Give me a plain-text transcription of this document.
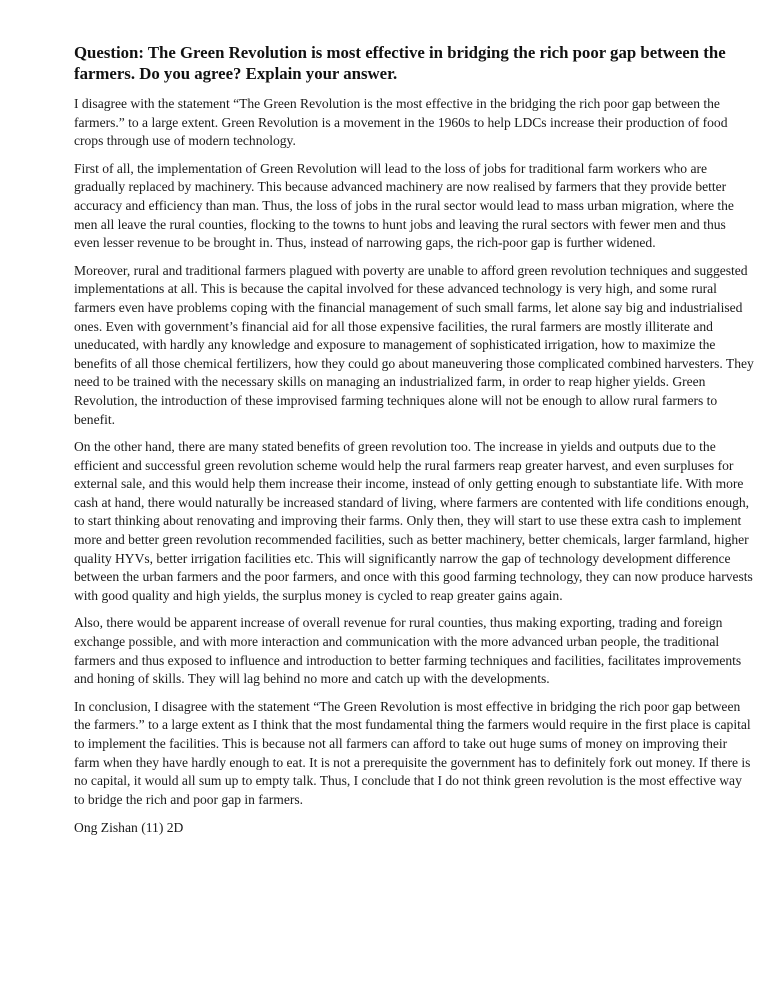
Question: The Green Revolution is most effective in bridging the rich poor gap between the farmers. Do you agree? Explain your answer.

I disagree with the statement “The Green Revolution is the most effective in the bridging the rich poor gap between the farmers.” to a large extent. Green Revolution is a movement in the 1960s to help LDCs increase their production of food crops through use of modern technology.

First of all, the implementation of Green Revolution will lead to the loss of jobs for traditional farm workers who are gradually replaced by machinery. This because advanced machinery are now realised by farmers that they provide better accuracy and efficiency than man. Thus, the loss of jobs in the rural sector would lead to mass urban migration, where the men all leave the rural counties, flocking to the towns to hunt jobs and leaving the rural sectors with fewer men and thus even lesser revenue to be brought in. Thus, instead of narrowing gaps, the rich-poor gap is further widened.

Moreover, rural and traditional farmers plagued with poverty are unable to afford green revolution techniques and suggested implementations at all. This is because the capital involved for these advanced technology is very high, and some rural farmers even have problems coping with the financial management of such small farms, let alone say big and industrialised ones. Even with government’s financial aid for all those expensive facilities, the rural farmers are mostly illiterate and uneducated, with hardly any knowledge and exposure to management of sophisticated irrigation, how to maximize the benefits of all those chemical fertilizers, how they could go about maneuvering those complicated combined harvesters. They need to be trained with the necessary skills on managing an industrialized farm, in order to reap higher yields. Green Revolution, the introduction of these improvised farming techniques alone will not be enough to allow rural farmers to benefit.

On the other hand, there are many stated benefits of green revolution too. The increase in yields and outputs due to the efficient and successful green revolution scheme would help the rural farmers reap greater harvest, and even surpluses for external sale, and this would help them increase their income, instead of only getting enough to substantiate life. With more cash at hand, there would naturally be increased standard of living, where farmers are contented with life conditions enough, to start thinking about renovating and improving their farms. Only then, they will start to use these extra cash to implement more and better green revolution recommended facilities, such as better machinery, better chemicals, larger farmland, higher quality HYVs, better irrigation facilities etc. This will significantly narrow the gap of technology development difference between the urban farmers and the poor farmers, and once with this good farming technology, they can now produce harvests with good quality and high yields, the surplus money is cycled to reap greater gains again.

Also, there would be apparent increase of overall revenue for rural counties, thus making exporting, trading and foreign exchange possible, and with more interaction and communication with the more advanced urban people, the traditional farmers and thus exposed to influence and introduction to better farming techniques and facilities, facilitates improvements and honing of skills. They will lag behind no more and catch up with the developments.

In conclusion, I disagree with the statement “The Green Revolution is most effective in bridging the rich poor gap between the farmers.” to a large extent as I think that the most fundamental thing the farmers would require in the first place is capital to implement the facilities. This is because not all farmers can afford to take out huge sums of money on improving their farm when they have hardly enough to eat. It is not a prerequisite the government has to definitely fork out money. If there is no capital, it would all sum up to empty talk. Thus, I conclude that I do not think green revolution is the most effective way to bridge the rich and poor gap in farmers.

Ong Zishan (11) 2D
